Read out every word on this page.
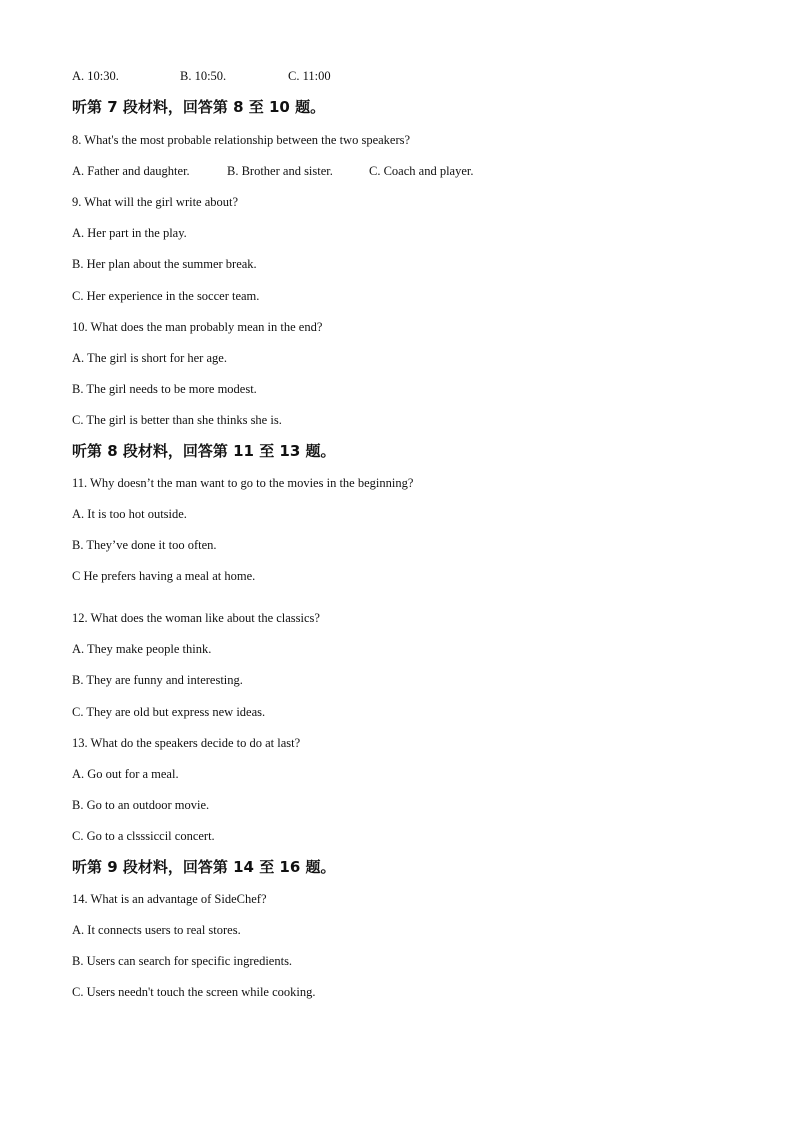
A. 10:30.	B. 10:50.	C. 11:00
听第 7 段材料，回答第 8 至 10 题。
8. What's the most probable relationship between the two speakers?
A. Father and daughter.	B. Brother and sister.	C. Coach and player.
9. What will the girl write about?
A. Her part in the play.
B. Her plan about the summer break.
C. Her experience in the soccer team.
10. What does the man probably mean in the end?
A. The girl is short for her age.
B. The girl needs to be more modest.
C. The girl is better than she thinks she is.
听第 8 段材料，回答第 11 至 13 题。
11. Why doesn’t the man want to go to the movies in the beginning?
A. It is too hot outside.
B. They’ve done it too often.
C He prefers having a meal at home.
12. What does the woman like about the classics?
A. They make people think.
B. They are funny and interesting.
C. They are old but express new ideas.
13. What do the speakers decide to do at last?
A. Go out for a meal.
B. Go to an outdoor movie.
C. Go to a clsssiccil concert.
听第 9 段材料，回答第 14 至 16 题。
14. What is an advantage of SideChef?
A. It connects users to real stores.
B. Users can search for specific ingredients.
C. Users needn't touch the screen while cooking.
